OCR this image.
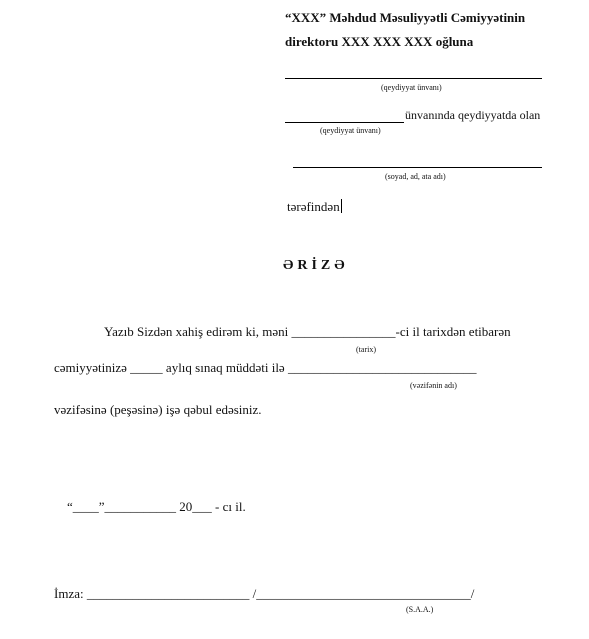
“XXX” Məhdud Məsuliyyətli Cəmiyyətinin
direktoru XXX XXX XXX oğluna
(qeydiyyat ünvanı)
ünvanında qeydiyyatda olan
(qeydiyyat ünvanı)
(soyad, ad, ata adı)
tərəfindən
ƏRİZƏ
Yazıb Sizdən xahiş edirəm ki, məni ________________-ci il tarixdən etibarən
(tarix)
cəmiyyətinizə _____ aylıq sınaq müddəti ilə _____________________________
(vəzifənin adı)
vəzifəsinə (peşəsinə) işə qəbul edəsiniz.
“____”___________ 20___ - cı il.
İmza: _________________________ /_________________________________/
(S.A.A.)
